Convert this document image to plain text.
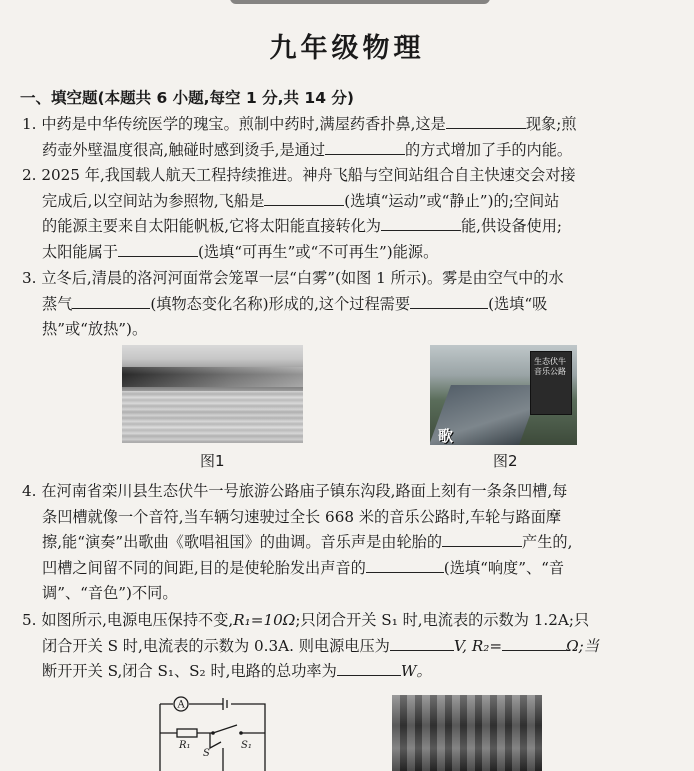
九年级物理
一、填空题(本题共 6 小题,每空 1 分,共 14 分)
1. 中药是中华传统医学的瑰宝。煎制中药时,满屋药香扑鼻,这是	现象;煎
药壶外壁温度很高,触碰时感到烫手,是通过	的方式增加了手的内能。
2. 2025 年,我国载人航天工程持续推进。神舟飞船与空间站组合自主快速交会对接
完成后,以空间站为参照物,飞船是	(选填“运动”或“静止”)的;空间站
的能源主要来自太阳能帆板,它将太阳能直接转化为	能,供设备使用;
太阳能属于	(选填“可再生”或“不可再生”)能源。
3. 立冬后,清晨的洛河河面常会笼罩一层“白雾”(如图 1 所示)。雾是由空气中的水
蒸气	(填物态变化名称)形成的,这个过程需要	(选填“吸
热”或“放热”)。
图1
生态伏牛 音乐公路
歌
图2
4. 在河南省栾川县生态伏牛一号旅游公路庙子镇东沟段,路面上刻有一条条凹槽,每
条凹槽就像一个音符,当车辆匀速驶过全长 668 米的音乐公路时,车轮与路面摩
擦,能“演奏”出歌曲《歌唱祖国》的曲调。音乐声是由轮胎的	产生的,
凹槽之间留不同的间距,目的是使轮胎发出声音的	(选填“响度”、“音
调”、“音色”)不同。
5. 如图所示,电源电压保持不变,R₁=10Ω;只闭合开关 S₁ 时,电流表的示数为 1.2A;只
闭合开关 S 时,电流表的示数为 0.3A. 则电源电压为	V, R₂=	Ω;当
断开开关 S,闭合 S₁、S₂ 时,电路的总功率为	W。
A
R₁
S
S₁
